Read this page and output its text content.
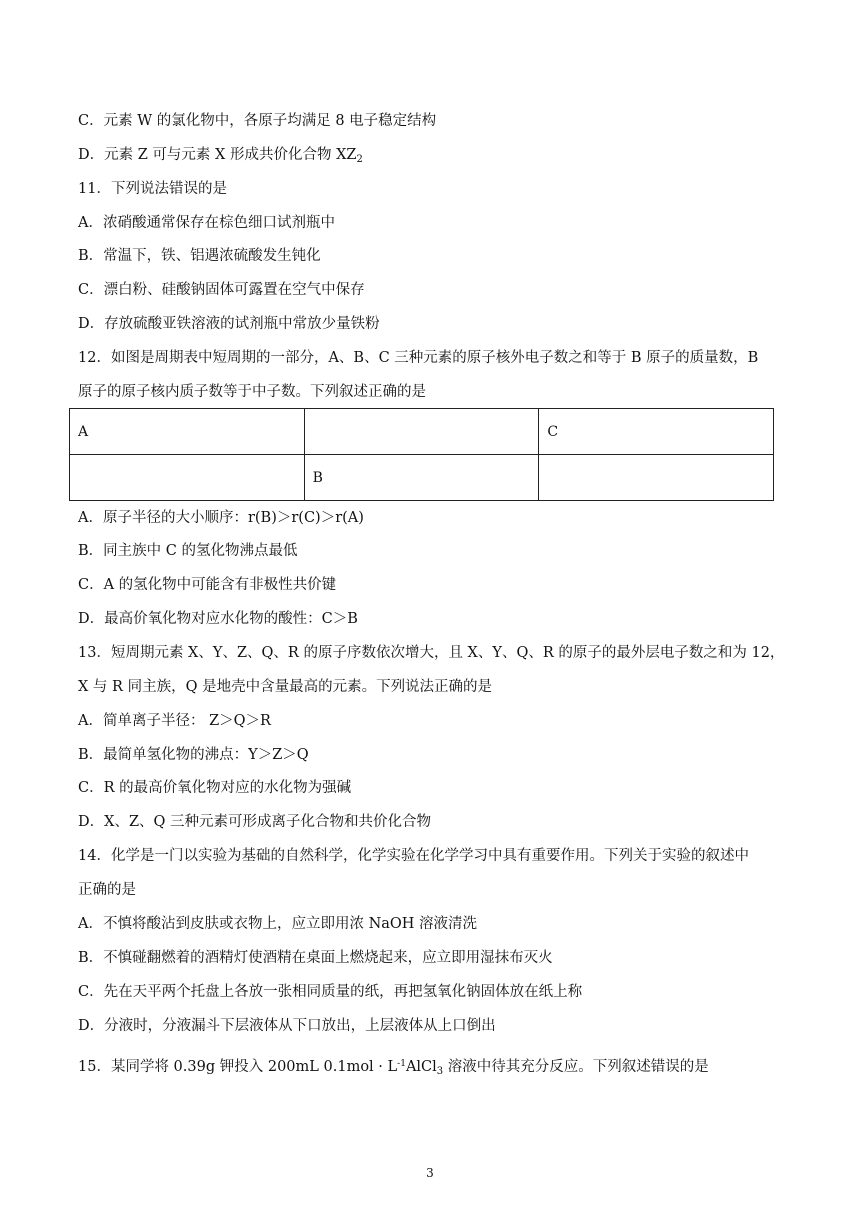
C．元素 W 的氯化物中，各原子均满足 8 电子稳定结构
D．元素 Z 可与元素 X 形成共价化合物 $XZ_2$
11．下列说法错误的是
A．浓硝酸通常保存在棕色细口试剂瓶中
B．常温下，铁、铝遇浓硫酸发生钝化
C．漂白粉、硅酸钠固体可露置在空气中保存
D．存放硫酸亚铁溶液的试剂瓶中常放少量铁粉
12．如图是周期表中短周期的一部分，A、B、C 三种元素的原子核外电子数之和等于 B 原子的质量数，B
原子的原子核内质子数等于中子数。下列叙述正确的是
A		C
	B	
A．原子半径的大小顺序：r(B)＞r(C)＞r(A)
B．同主族中 C 的氢化物沸点最低
C．A 的氢化物中可能含有非极性共价键
D．最高价氧化物对应水化物的酸性：C＞B
13．短周期元素 X、Y、Z、Q、R 的原子序数依次增大，且 X、Y、Q、R 的原子的最外层电子数之和为 12，
X 与 R 同主族，Q 是地壳中含量最高的元素。下列说法正确的是
A．简单离子半径： Z＞Q＞R
B．最简单氢化物的沸点：Y＞Z＞Q
C．R 的最高价氧化物对应的水化物为强碱
D．X、Z、Q 三种元素可形成离子化合物和共价化合物
14．化学是一门以实验为基础的自然科学，化学实验在化学学习中具有重要作用。下列关于实验的叙述中
正确的是
A．不慎将酸沾到皮肤或衣物上，应立即用浓 NaOH 溶液清洗
B．不慎碰翻燃着的酒精灯使酒精在桌面上燃烧起来，应立即用湿抹布灭火
C．先在天平两个托盘上各放一张相同质量的纸，再把氢氧化钠固体放在纸上称
D．分液时，分液漏斗下层液体从下口放出，上层液体从上口倒出
15．某同学将 0.39g 钾投入 200mL $0.1mol \cdot L^{-1}AlCl_3$ 溶液中待其充分反应。下列叙述错误的是
3
